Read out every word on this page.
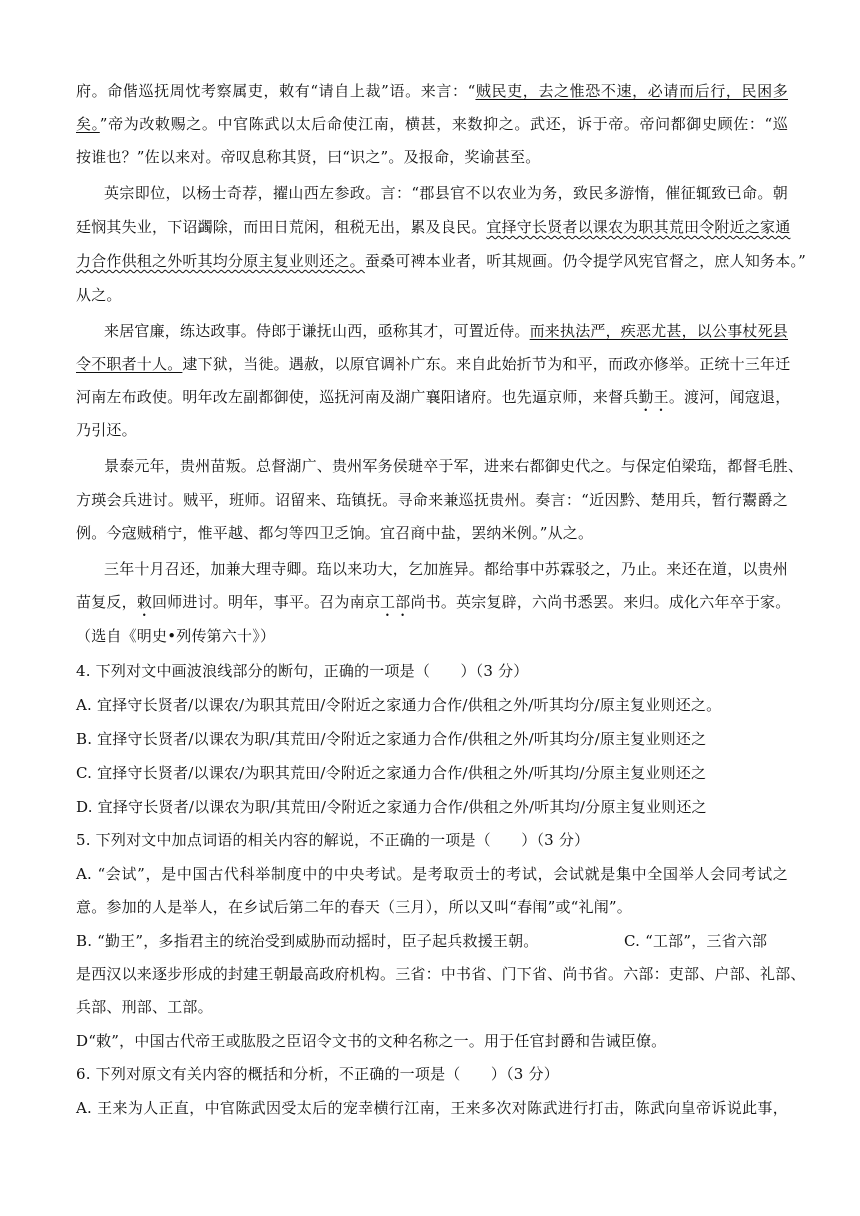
府。命偕巡抚周忱考察属吏，敕有“请自上裁”语。来言：“贼民吏，去之惟恐不速，必请而后行，民困多
矣。”帝为改敕赐之。中官陈武以太后命使江南，横甚，来数抑之。武还，诉于帝。帝问都御史顾佐：“巡
按谁也？”佐以来对。帝叹息称其贤，曰“识之”。及报命，奖谕甚至。
英宗即位，以杨士奇荐，擢山西左参政。言：“郡县官不以农业为务，致民多游惰，催征辄致已命。朝
廷悯其失业，下诏蠲除，而田日荒闲，租税无出，累及良民。宜择守长贤者以课农为职其荒田令附近之家通
力合作供租之外听其均分原主复业则还之。蚕桑可裨本业者，听其规画。仍令提学风宪官督之，庶人知务本。”
从之。
来居官廉，练达政事。侍郎于谦抚山西，亟称其才，可置近侍。而来执法严，疾恶尤甚，以公事杖死县
令不职者十人。逮下狱，当徙。遇赦，以原官调补广东。来自此始折节为和平，而政亦修举。正统十三年迁
河南左布政使。明年改左副都御使，巡抚河南及湖广襄阳诸府。也先逼京师，来督兵勤王。渡河，闻寇退，
乃引还。
景泰元年，贵州苗叛。总督湖广、贵州军务侯琎卒于军，进来右都御史代之。与保定伯梁珤，都督毛胜、
方瑛会兵进讨。贼平，班师。诏留来、珤镇抚。寻命来兼巡抚贵州。奏言：“近因黔、楚用兵，暂行鬻爵之
例。今寇贼稍宁，惟平越、都匀等四卫乏饷。宜召商中盐，罢纳米例。”从之。
三年十月召还，加兼大理寺卿。珤以来功大，乞加旌异。都给事中苏霖驳之，乃止。来还在道，以贵州
苗复反，敕回师进讨。明年，事平。召为南京工部尚书。英宗复辟，六尚书悉罢。来归。成化六年卒于家。
（选自《明史•列传第六十》）
4. 下列对文中画波浪线部分的断句，正确的一项是（　　）（3 分）
A. 宜择守长贤者/以课农/为职其荒田/令附近之家通力合作/供租之外/听其均分/原主复业则还之。
B. 宜择守长贤者/以课农为职/其荒田/令附近之家通力合作/供租之外/听其均分/原主复业则还之
C. 宜择守长贤者/以课农/为职其荒田/令附近之家通力合作/供租之外/听其均/分原主复业则还之
D. 宜择守长贤者/以课农为职/其荒田/令附近之家通力合作/供租之外/听其均/分原主复业则还之
5. 下列对文中加点词语的相关内容的解说，不正确的一项是（　　）（3 分）
A. “会试”，是中国古代科举制度中的中央考试。是考取贡士的考试，会试就是集中全国举人会同考试之
意。参加的人是举人，在乡试后第二年的春天（三月），所以又叫“春闱”或“礼闱”。
B. “勤王”，多指君主的统治受到威胁而动摇时，臣子起兵救援王朝。	C. “工部”，三省六部
是西汉以来逐步形成的封建王朝最高政府机构。三省：中书省、门下省、尚书省。六部：吏部、户部、礼部、
兵部、刑部、工部。
D“敕”，中国古代帝王或肱股之臣诏令文书的文种名称之一。用于任官封爵和告诫臣僚。
6. 下列对原文有关内容的概括和分析，不正确的一项是（　　）（3 分）
A. 王来为人正直，中官陈武因受太后的宠幸横行江南，王来多次对陈武进行打击，陈武向皇帝诉说此事，
